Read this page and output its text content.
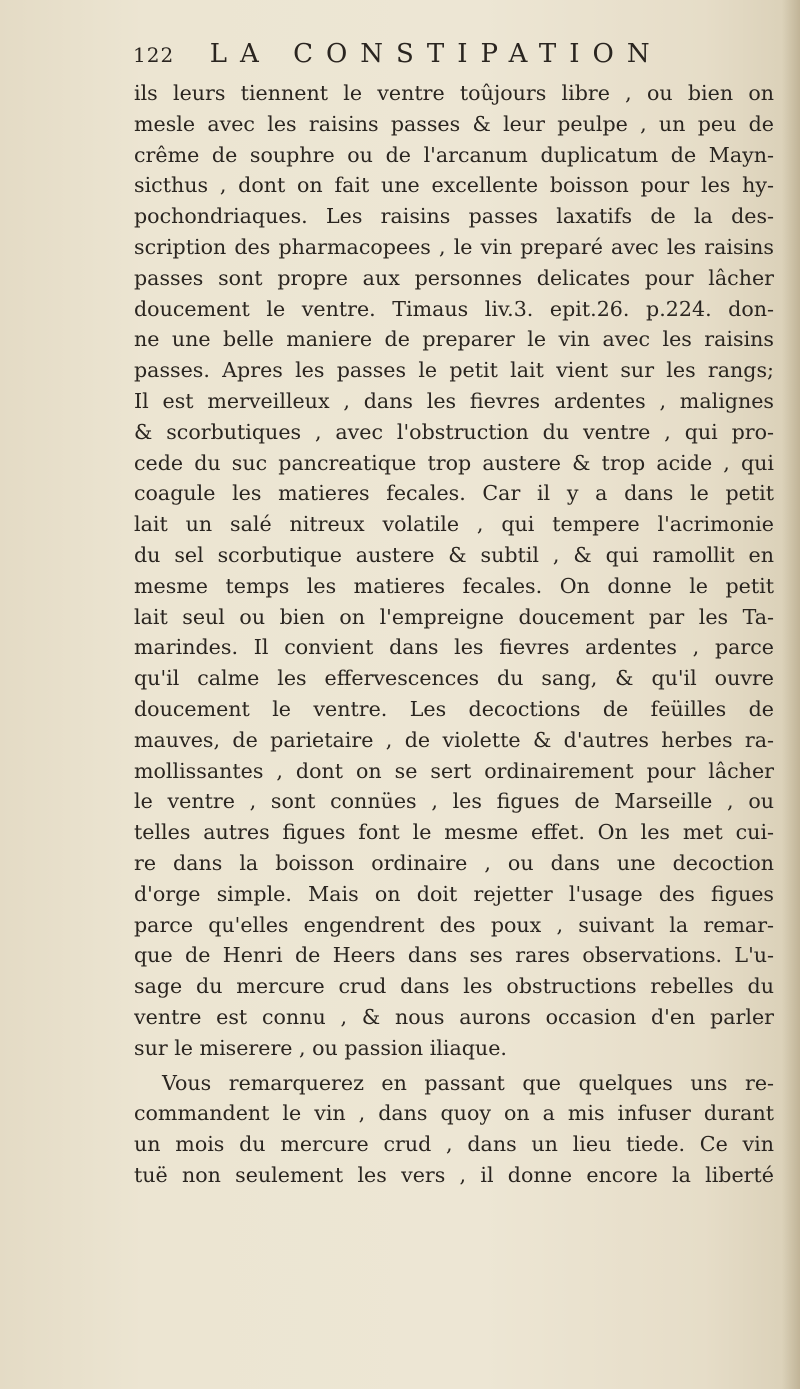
122 LA CONSTIPATION
ils leurs tiennent le ventre toûjours libre , ou bien on
mesle avec les raisins passes & leur peulpe , un peu de
crême de souphre ou de l'arcanum duplicatum de Mayn-
sicthus , dont on fait une excellente boisson pour les hy-
pochondriaques. Les raisins passes laxatifs de la des-
scription des pharmacopees , le vin preparé avec les raisins
passes sont propre aux personnes delicates pour lâcher
doucement le ventre. Timaus liv.3. epit.26. p.224. don-
ne une belle maniere de preparer le vin avec les raisins
passes. Apres les passes le petit lait vient sur les rangs;
Il est merveilleux , dans les fievres ardentes , malignes
& scorbutiques , avec l'obstruction du ventre , qui pro-
cede du suc pancreatique trop austere & trop acide , qui
coagule les matieres fecales. Car il y a dans le petit
lait un salé nitreux volatile , qui tempere l'acrimonie
du sel scorbutique austere & subtil , & qui ramollit en
mesme temps les matieres fecales. On donne le petit
lait seul ou bien on l'empreigne doucement par les Ta-
marindes. Il convient dans les fievres ardentes , parce
qu'il calme les effervescences du sang, & qu'il ouvre
doucement le ventre. Les decoctions de feüilles de
mauves, de parietaire , de violette & d'autres herbes ra-
mollissantes , dont on se sert ordinairement pour lâcher
le ventre , sont connües , les figues de Marseille , ou
telles autres figues font le mesme effet. On les met cui-
re dans la boisson ordinaire , ou dans une decoction
d'orge simple. Mais on doit rejetter l'usage des figues
parce qu'elles engendrent des poux , suivant la remar-
que de Henri de Heers dans ses rares observations. L'u-
sage du mercure crud dans les obstructions rebelles du
ventre est connu , & nous aurons occasion d'en parler
sur le miserere , ou passion iliaque.
Vous remarquerez en passant que quelques uns re-
commandent le vin , dans quoy on a mis infuser durant
un mois du mercure crud , dans un lieu tiede. Ce vin
tuë non seulement les vers , il donne encore la liberté
